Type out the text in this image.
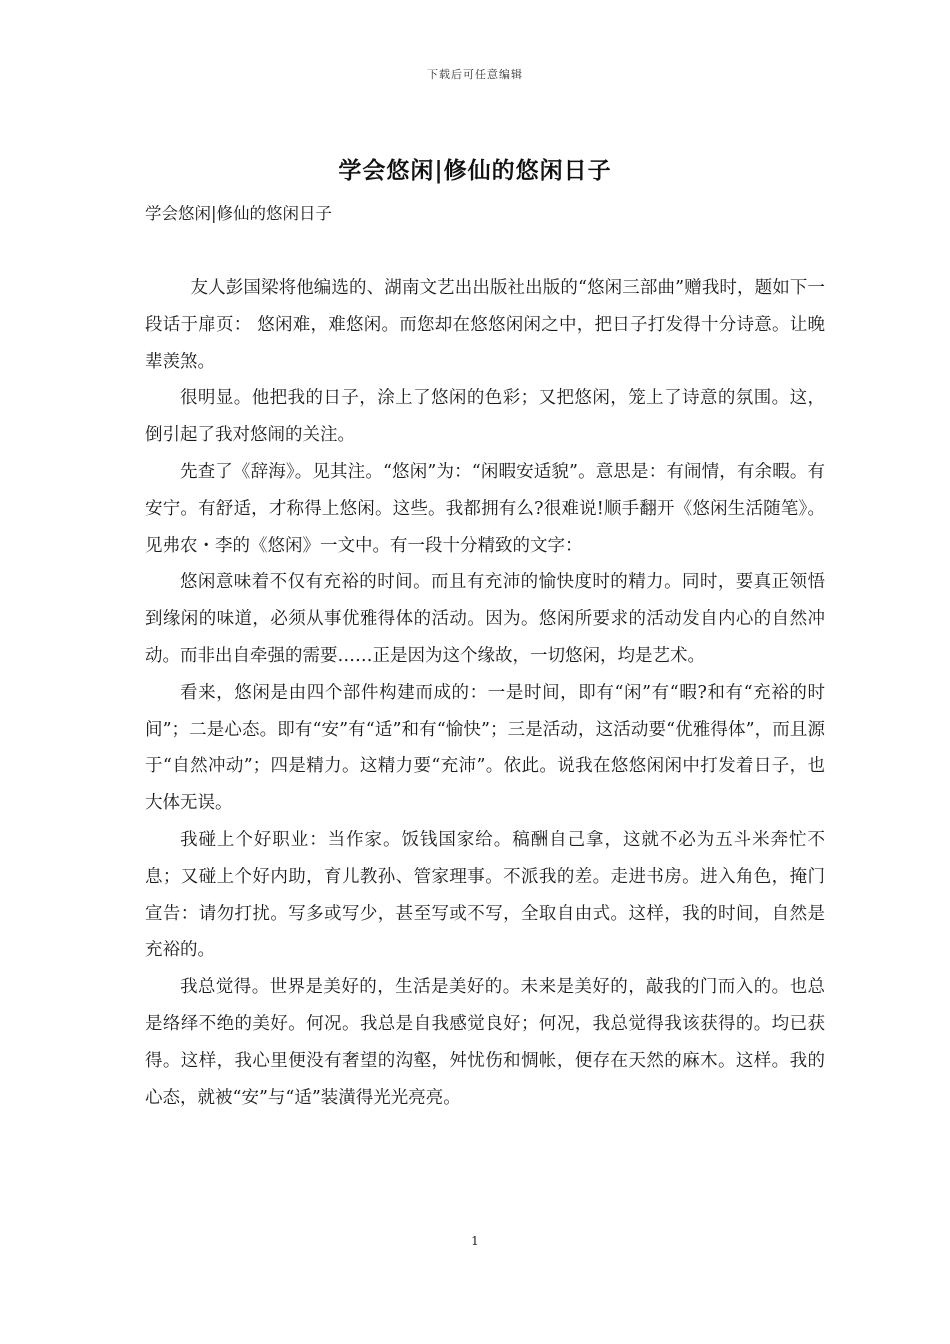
下载后可任意编辑
学会悠闲|修仙的悠闲日子
学会悠闲|修仙的悠闲日子

友人彭国梁将他编选的、湖南文艺出出版社出版的“悠闲三部曲”赠我时，题如下一段话于扉页： 悠闲难，难悠闲。而您却在悠悠闲闲之中，把日子打发得十分诗意。让晚辈羡煞。

很明显。他把我的日子，涂上了悠闲的色彩；又把悠闲，笼上了诗意的氛围。这，倒引起了我对悠闹的关注。

先查了《辞海》。见其注。“悠闲”为：“闲暇安适貌”。意思是：有闹情，有余暇。有安宁。有舒适，才称得上悠闲。这些。我都拥有么?很难说!顺手翻开《悠闲生活随笔》。见弗农・李的《悠闲》一文中。有一段十分精致的文字：

悠闲意味着不仅有充裕的时间。而且有充沛的愉快度时的精力。同时，要真正领悟到缘闲的味道，必须从事优雅得体的活动。因为。悠闲所要求的活动发自内心的自然冲动。而非出自牵强的需要……正是因为这个缘故，一切悠闲，均是艺术。

看来，悠闲是由四个部件构建而成的：一是时间，即有“闲”有“暇?和有“充裕的时间”；二是心态。即有“安”有“适”和有“愉快”；三是活动，这活动要“优雅得体”，而且源于“自然冲动”；四是精力。这精力要“充沛”。依此。说我在悠悠闲闲中打发着日子，也大体无误。

我碰上个好职业：当作家。饭钱国家给。稿酬自己拿，这就不必为五斗米奔忙不息；又碰上个好内助，育儿教孙、管家理事。不派我的差。走进书房。进入角色，掩门宣告：请勿打扰。写多或写少，甚至写或不写，全取自由式。这样，我的时间，自然是充裕的。

我总觉得。世界是美好的，生活是美好的。未来是美好的，敲我的门而入的。也总是络绎不绝的美好。何况。我总是自我感觉良好；何况，我总觉得我该获得的。均已获得。这样，我心里便没有奢望的沟壑，舛忧伤和惆帐，便存在天然的麻木。这样。我的心态，就被“安”与“适”装潢得光光亮亮。

1
